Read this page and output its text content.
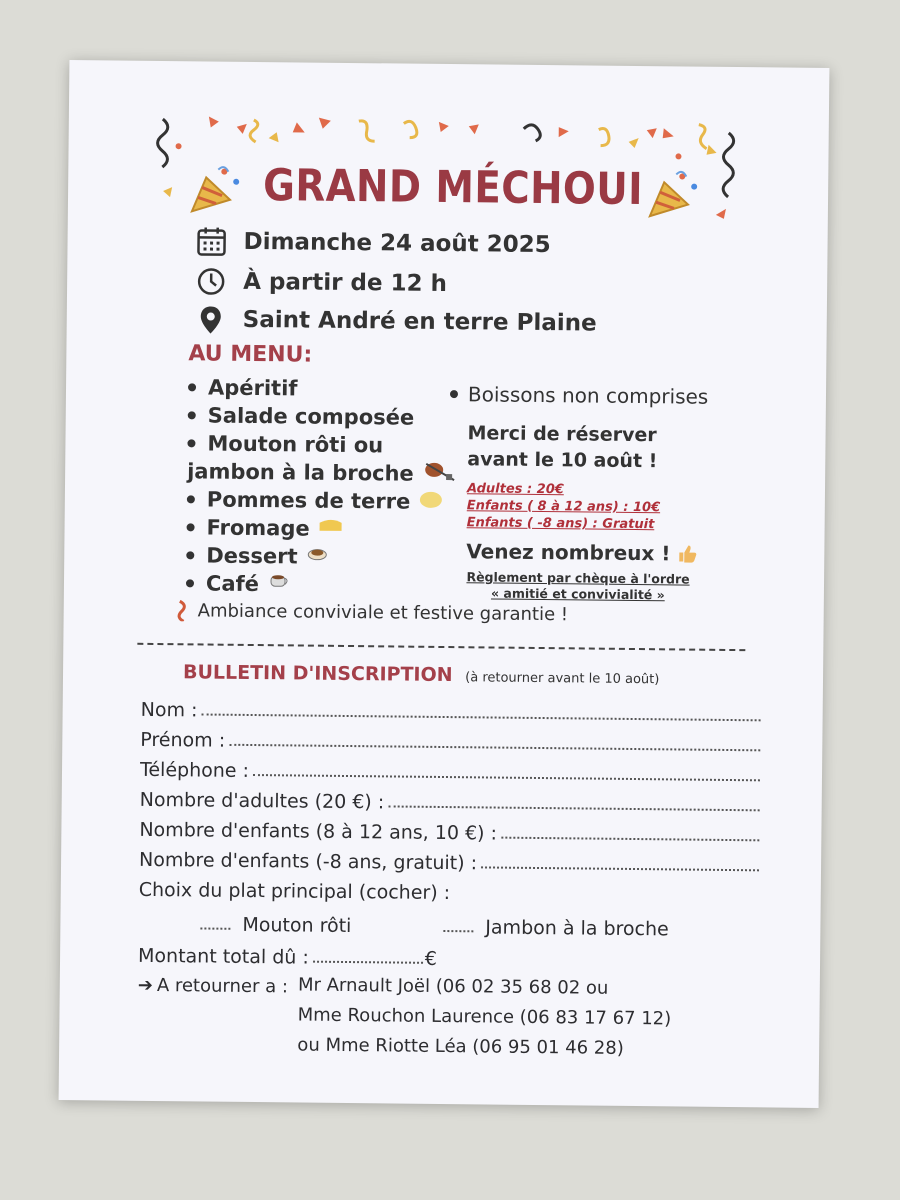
GRAND MÉCHOUI
Dimanche 24 août 2025
À partir de 12 h
Saint André en terre Plaine
AU MENU:
Apéritif
Salade composée
Mouton rôti ou
jambon à la broche
Pommes de terre
Fromage
Dessert
Café
Boissons non comprises
Merci de réserver
avant le 10 août !
Adultes : 20€
Enfants ( 8 à 12 ans) : 10€
Enfants ( -8 ans) : Gratuit
Venez nombreux !
Règlement par chèque à l'ordre
« amitié et convivialité »
Ambiance conviviale et festive garantie !
BULLETIN D'INSCRIPTION (à retourner avant le 10 août)
Nom :
Prénom :
Téléphone :
Nombre d'adultes (20 €) :
Nombre d'enfants (8 à 12 ans, 10 €) :
Nombre d'enfants (-8 ans, gratuit) :
Choix du plat principal (cocher) :
Mouton rôti	Jambon à la broche
Montant total dû :	€
➔ A retourner a : Mr Arnault Joël (06 02 35 68 02 ou
Mme Rouchon Laurence (06 83 17 67 12)
ou Mme Riotte Léa (06 95 01 46 28)
